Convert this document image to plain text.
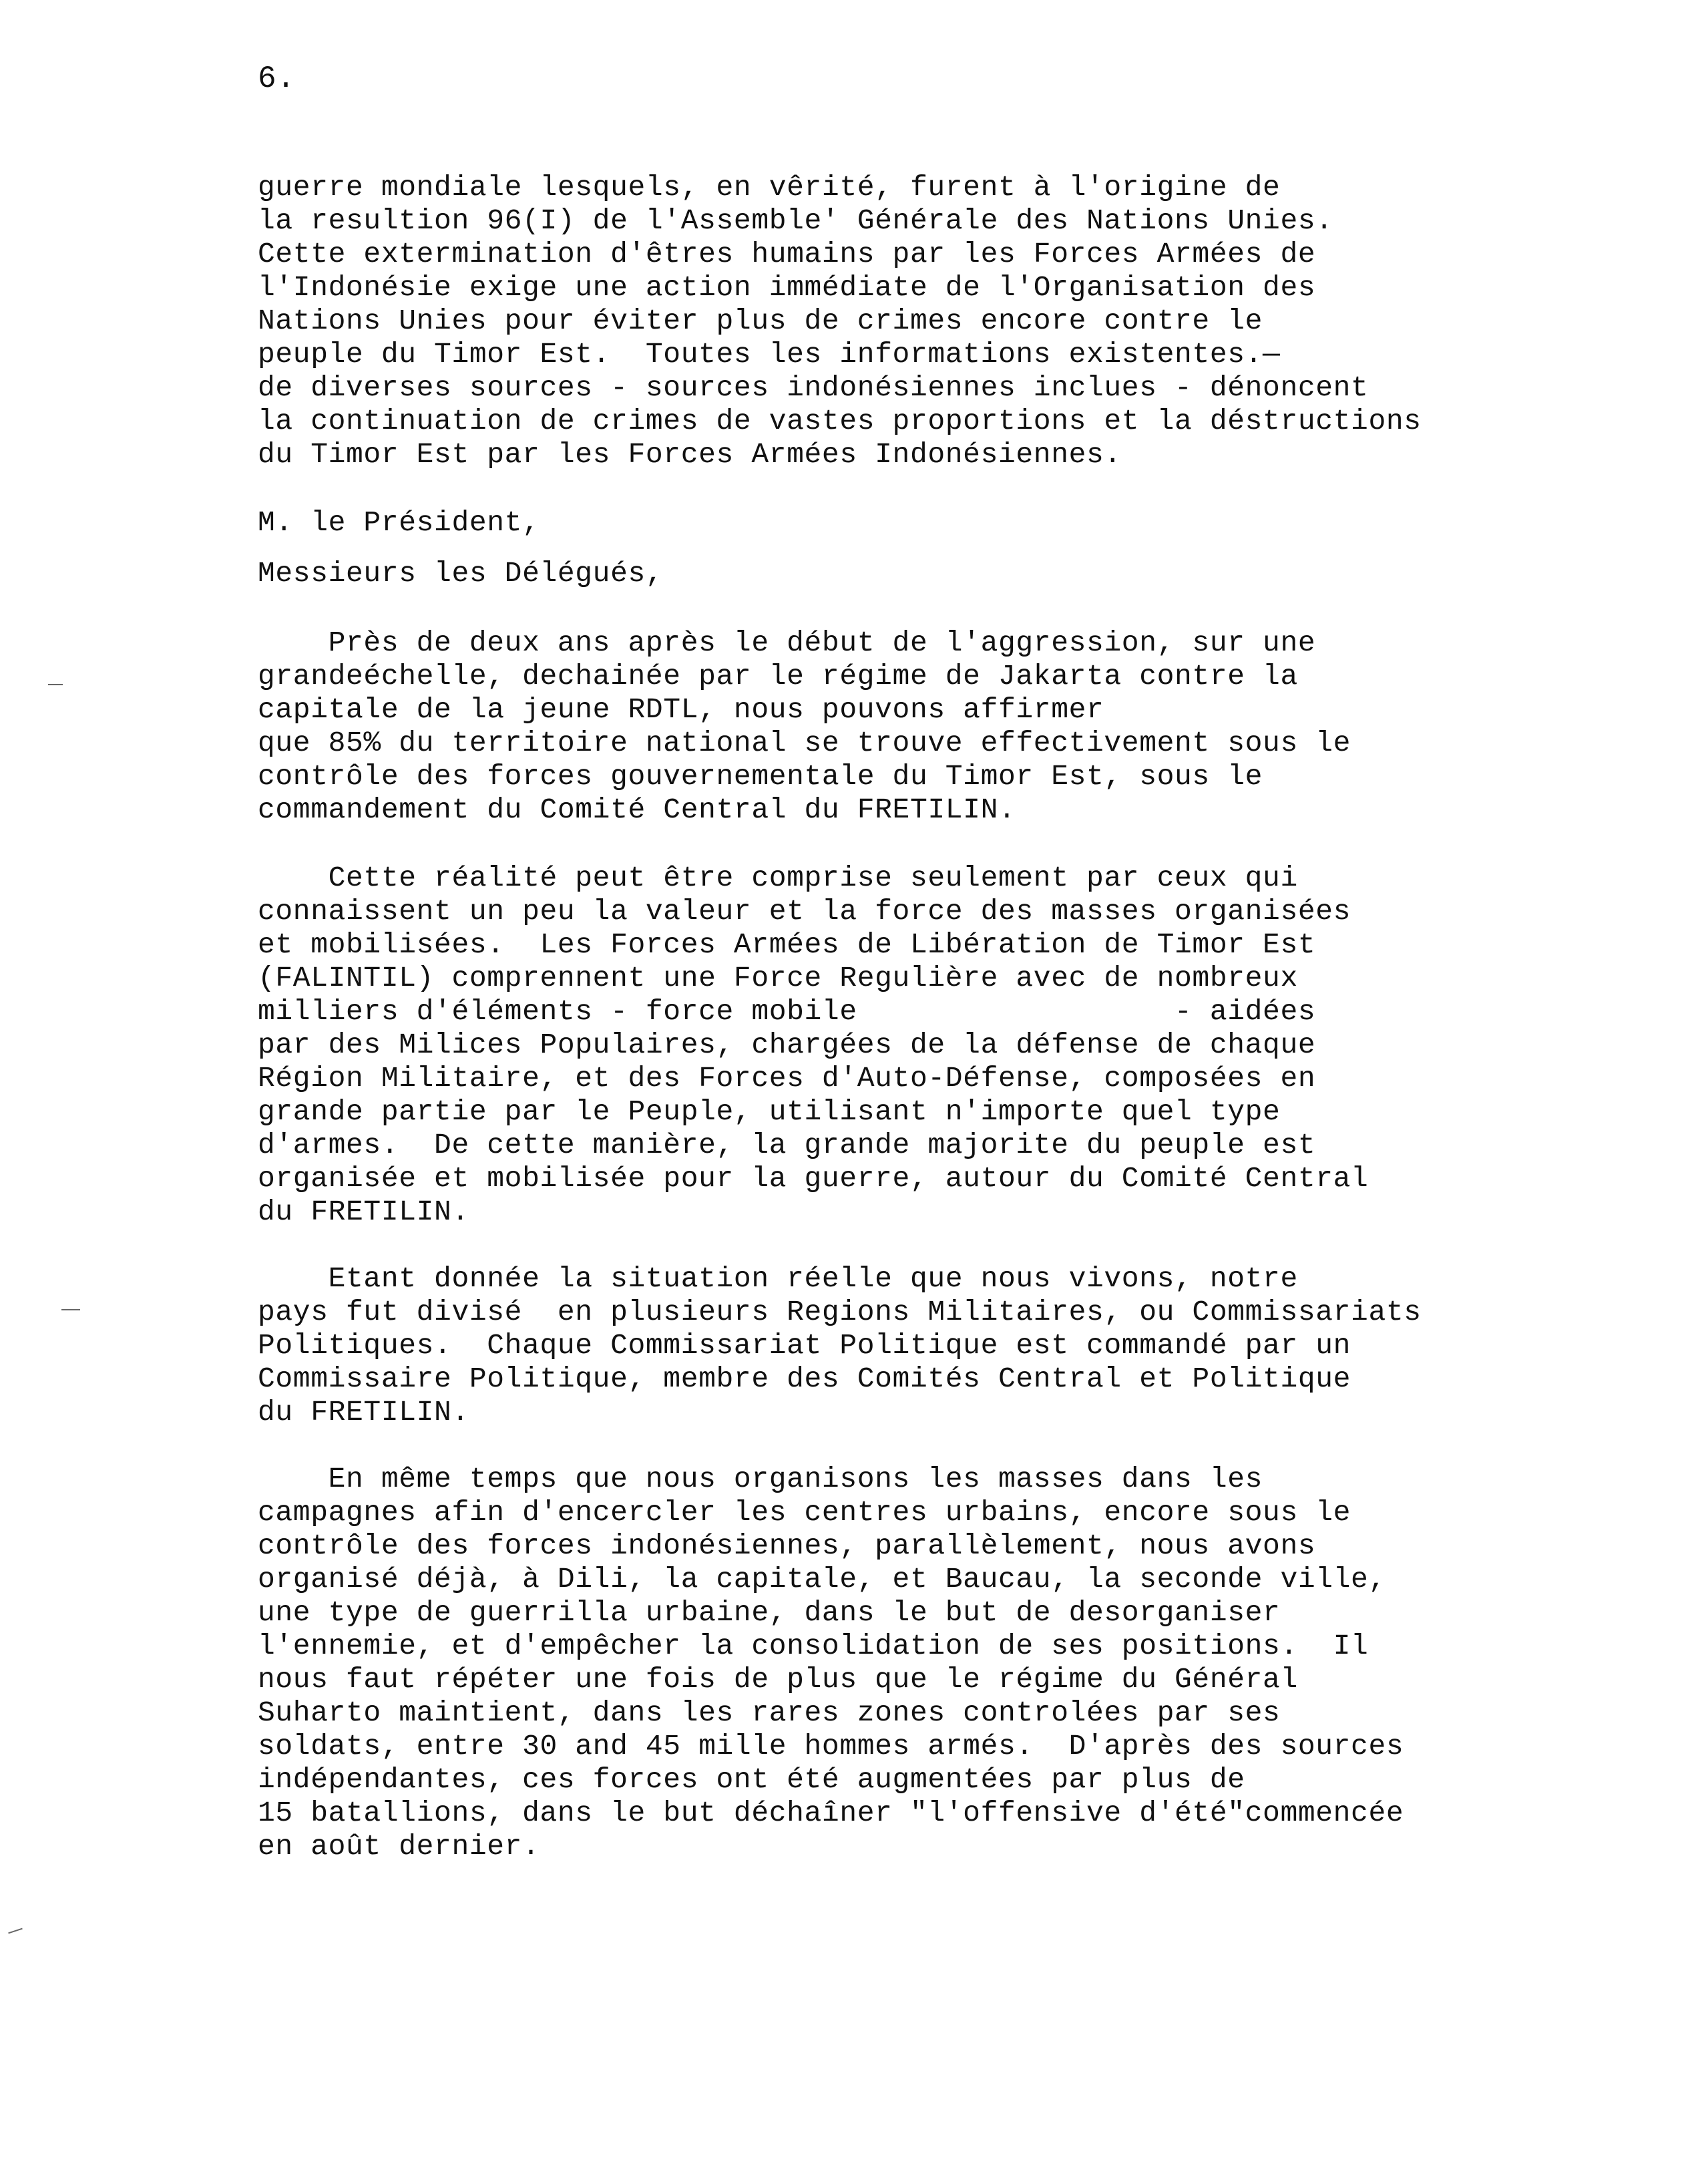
6.
guerre mondiale lesquels, en vêrité, furent à l'origine de
la resultion 96(I) de l'Assemble' Générale des Nations Unies.
Cette extermination d'êtres humains par les Forces Armées de
l'Indonésie exige une action immédiate de l'Organisation des
Nations Unies pour éviter plus de crimes encore contre le
peuple du Timor Est.  Toutes les informations existentes.—
de diverses sources - sources indonésiennes inclues - dénoncent
la continuation de crimes de vastes proportions et la déstructions
du Timor Est par les Forces Armées Indonésiennes.
M. le Président,
Messieurs les Délégués,
Près de deux ans après le début de l'aggression, sur une
grandeéchelle, dechainée par le régime de Jakarta contre la
capitale de la jeune RDTL, nous pouvons affirmer
que 85% du territoire national se trouve effectivement sous le
contrôle des forces gouvernementale du Timor Est, sous le
commandement du Comité Central du FRETILIN.
Cette réalité peut être comprise seulement par ceux qui
connaissent un peu la valeur et la force des masses organisées
et mobilisées.  Les Forces Armées de Libération de Timor Est
(FALINTIL) comprennent une Force Regulière avec de nombreux
milliers d'éléments - force mobile                  - aidées
par des Milices Populaires, chargées de la défense de chaque
Région Militaire, et des Forces d'Auto-Défense, composées en
grande partie par le Peuple, utilisant n'importe quel type
d'armes.  De cette manière, la grande majorite du peuple est
organisée et mobilisée pour la guerre, autour du Comité Central
du FRETILIN.
Etant donnée la situation réelle que nous vivons, notre
pays fut divisé  en plusieurs Regions Militaires, ou Commissariats
Politiques.  Chaque Commissariat Politique est commandé par un
Commissaire Politique, membre des Comités Central et Politique
du FRETILIN.
En même temps que nous organisons les masses dans les
campagnes afin d'encercler les centres urbains, encore sous le
contrôle des forces indonésiennes, parallèlement, nous avons
organisé déjà, à Dili, la capitale, et Baucau, la seconde ville,
une type de guerrilla urbaine, dans le but de desorganiser
l'ennemie, et d'empêcher la consolidation de ses positions.  Il
nous faut répéter une fois de plus que le régime du Général
Suharto maintient, dans les rares zones controlées par ses
soldats, entre 30 and 45 mille hommes armés.  D'après des sources
indépendantes, ces forces ont été augmentées par plus de
15 batallions, dans le but déchaîner "l'offensive d'été"commencée
en août dernier.
